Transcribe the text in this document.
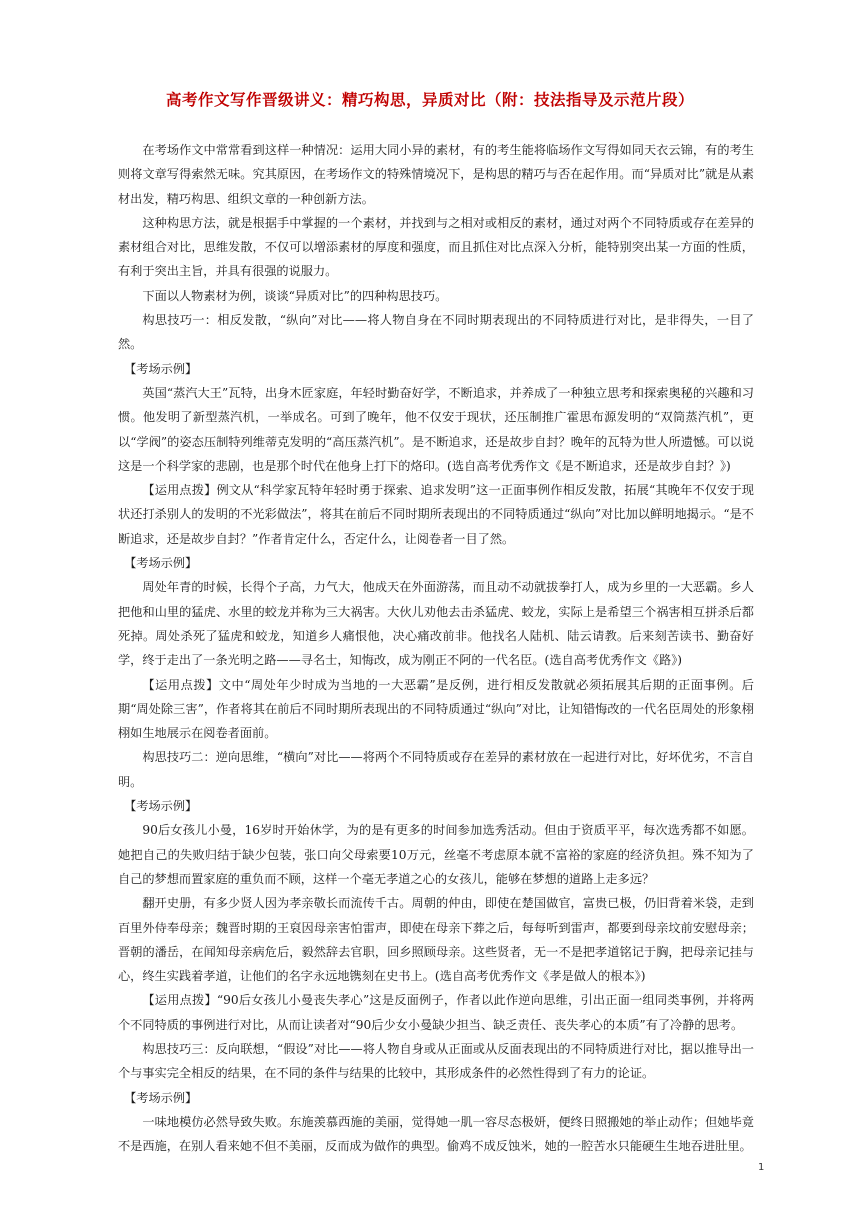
高考作文写作晋级讲义：精巧构思，异质对比（附：技法指导及示范片段）

在考场作文中常常看到这样一种情况：运用大同小异的素材，有的考生能将临场作文写得如同天衣云锦，有的考生则将文章写得索然无味。究其原因，在考场作文的特殊情境况下，是构思的精巧与否在起作用。而“异质对比”就是从素材出发，精巧构思、组织文章的一种创新方法。

这种构思方法，就是根据手中掌握的一个素材，并找到与之相对或相反的素材，通过对两个不同特质或存在差异的素材组合对比，思维发散，不仅可以增添素材的厚度和强度，而且抓住对比点深入分析，能特别突出某一方面的性质，有利于突出主旨，并具有很强的说服力。

下面以人物素材为例，谈谈“异质对比”的四种构思技巧。

构思技巧一：相反发散，“纵向”对比——将人物自身在不同时期表现出的不同特质进行对比，是非得失，一目了然。

【考场示例】

英国“蒸汽大王”瓦特，出身木匠家庭，年轻时勤奋好学，不断追求，并养成了一种独立思考和探索奥秘的兴趣和习惯。他发明了新型蒸汽机，一举成名。可到了晚年，他不仅安于现状，还压制推广霍思布源发明的“双筒蒸汽机”，更以“学阀”的姿态压制特列维蒂克发明的“高压蒸汽机”。是不断追求，还是故步自封？晚年的瓦特为世人所遗憾。可以说这是一个科学家的悲剧，也是那个时代在他身上打下的烙印。(选自高考优秀作文《是不断追求，还是故步自封？》)

【运用点拨】例文从“科学家瓦特年轻时勇于探索、追求发明”这一正面事例作相反发散，拓展“其晚年不仅安于现状还打杀别人的发明的不光彩做法”，将其在前后不同时期所表现出的不同特质通过“纵向”对比加以鲜明地揭示。“是不断追求，还是故步自封？”作者肯定什么，否定什么，让阅卷者一目了然。

【考场示例】

周处年青的时候，长得个子高，力气大，他成天在外面游荡，而且动不动就拔拳打人，成为乡里的一大恶霸。乡人把他和山里的猛虎、水里的蛟龙并称为三大祸害。大伙儿劝他去击杀猛虎、蛟龙，实际上是希望三个祸害相互拼杀后都死掉。周处杀死了猛虎和蛟龙，知道乡人痛恨他，决心痛改前非。他找名人陆机、陆云请教。后来刻苦读书、勤奋好学，终于走出了一条光明之路——寻名士，知悔改，成为刚正不阿的一代名臣。(选自高考优秀作文《路》)

【运用点拨】文中“周处年少时成为当地的一大恶霸”是反例，进行相反发散就必须拓展其后期的正面事例。后期“周处除三害”，作者将其在前后不同时期所表现出的不同特质通过“纵向”对比，让知错悔改的一代名臣周处的形象栩栩如生地展示在阅卷者面前。

构思技巧二：逆向思维，“横向”对比——将两个不同特质或存在差异的素材放在一起进行对比，好坏优劣，不言自明。

【考场示例】

90后女孩儿小曼，16岁时开始休学，为的是有更多的时间参加选秀活动。但由于资质平平，每次选秀都不如愿。她把自己的失败归结于缺少包装，张口向父母索要10万元，丝毫不考虑原本就不富裕的家庭的经济负担。殊不知为了自己的梦想而置家庭的重负而不顾，这样一个毫无孝道之心的女孩儿，能够在梦想的道路上走多远？

翻开史册，有多少贤人因为孝亲敬长而流传千古。周朝的仲由，即使在楚国做官，富贵已极，仍旧背着米袋，走到百里外侍奉母亲；魏晋时期的王裒因母亲害怕雷声，即使在母亲下葬之后，每每听到雷声，都要到母亲坟前安慰母亲；晋朝的潘岳，在闻知母亲病危后，毅然辞去官职，回乡照顾母亲。这些贤者，无一不是把孝道铭记于胸，把母亲记挂与心，终生实践着孝道，让他们的名字永远地镌刻在史书上。(选自高考优秀作文《孝是做人的根本》)

【运用点拨】“90后女孩儿小曼丧失孝心”这是反面例子，作者以此作逆向思维，引出正面一组同类事例，并将两个不同特质的事例进行对比，从而让读者对“90后少女小曼缺少担当、缺乏责任、丧失孝心的本质”有了冷静的思考。

构思技巧三：反向联想，“假设”对比——将人物自身或从正面或从反面表现出的不同特质进行对比，据以推导出一个与事实完全相反的结果，在不同的条件与结果的比较中，其形成条件的必然性得到了有力的论证。

【考场示例】

一味地模仿必然导致失败。东施羡慕西施的美丽，觉得她一肌一容尽态极妍，便终日照搬她的举止动作；但她毕竟不是西施，在别人看来她不但不美丽，反而成为做作的典型。偷鸡不成反蚀米，她的一腔苦水只能硬生生地吞进肚里。

1
